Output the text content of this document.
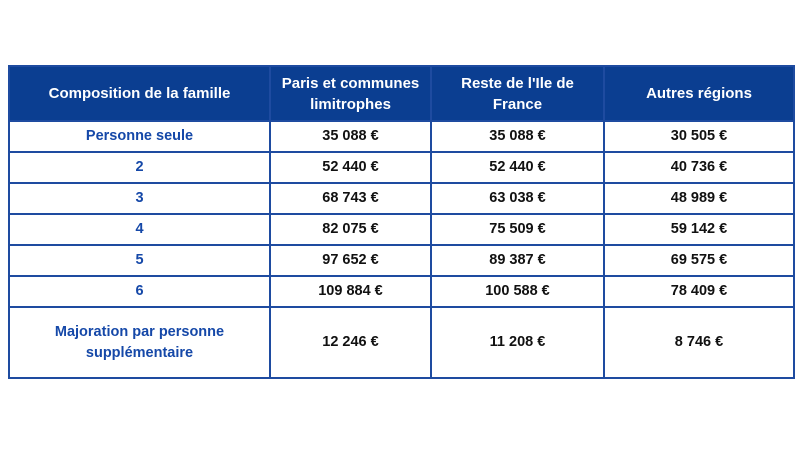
Composition de la famille	Paris et communes limitrophes	Reste de l'Ile de France	Autres régions
Personne seule	35 088 €	35 088 €	30 505 €
2	52 440 €	52 440 €	40 736 €
3	68 743 €	63 038 €	48 989 €
4	82 075 €	75 509 €	59 142 €
5	97 652 €	89 387 €	69 575 €
6	109 884 €	100 588 €	78 409 €
Majoration par personne supplémentaire	12 246 €	11 208 €	8 746 €
